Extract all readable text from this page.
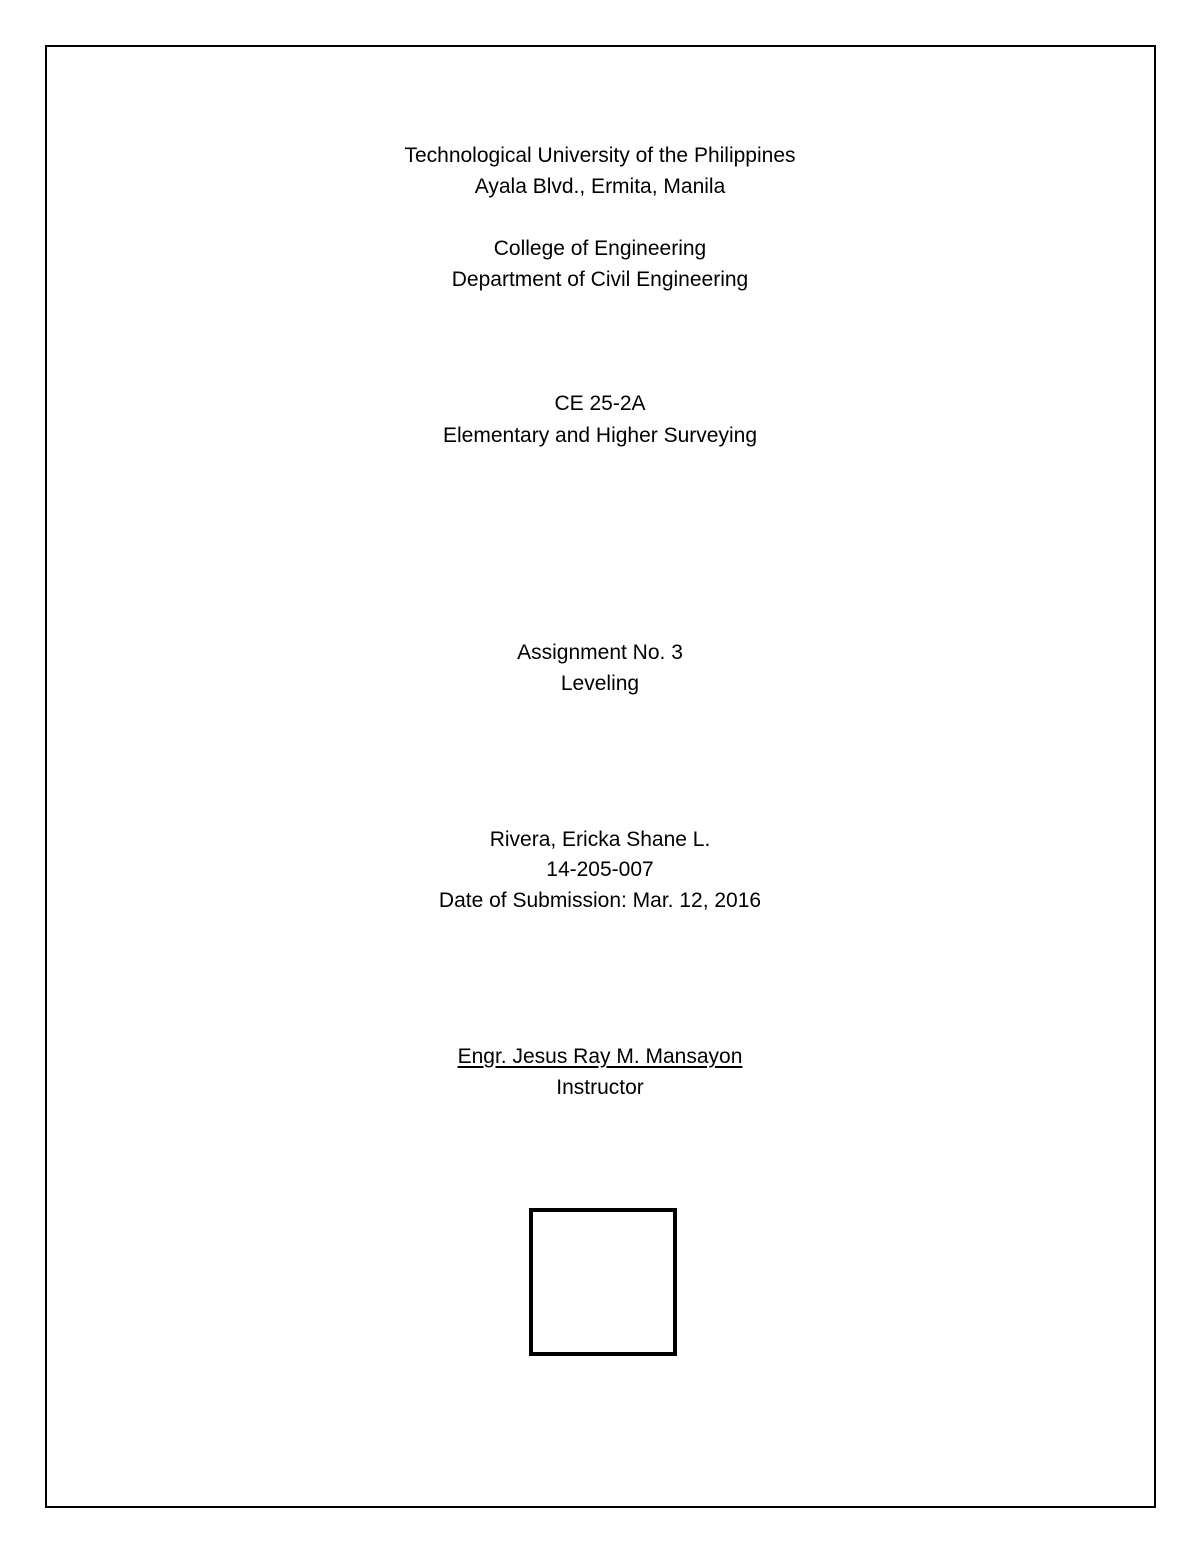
Technological University of the Philippines
Ayala Blvd., Ermita, Manila
College of Engineering
Department of Civil Engineering
CE 25-2A
Elementary and Higher Surveying
Assignment No. 3
Leveling
Rivera, Ericka Shane L.
14-205-007
Date of Submission: Mar. 12, 2016
Engr. Jesus Ray M. Mansayon
Instructor
